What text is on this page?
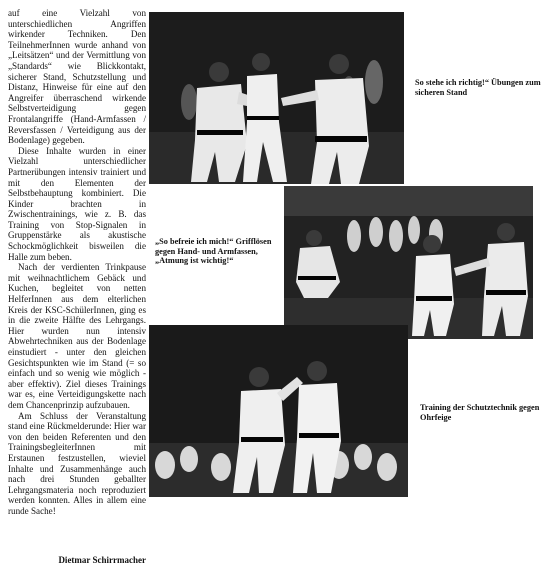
auf eine Vielzahl von unterschiedlichen Angriffen wirkender Techniken. Den TeilnehmerInnen wurde anhand von „Leitsätzen“ und der Vermittlung von „Standards“ wie Blickkontakt, sicherer Stand, Schutzstellung und Distanz, Hinweise für eine auf den Angreifer überraschend wirkende Selbstverteidigung gegen Frontalangriffe (Hand-Armfassen / Reversfassen / Verteidigung aus der Bodenlage) gegeben.

Diese Inhalte wurden in einer Vielzahl unterschiedlicher Partnerübungen intensiv trainiert und mit den Elementen der Selbstbehauptung kombiniert. Die Kinder brachten in Zwischentrainings, wie z. B. das Training von Stop-Signalen in Gruppenstärke als akustische Schockmöglichkeit bisweilen die Halle zum beben.

Nach der verdienten Trinkpause mit weihnachtlichem Gebäck und Kuchen, begleitet von netten HelferInnen aus dem elterlichen Kreis der KSC-SchülerInnen, ging es in die zweite Hälfte des Lehrgangs. Hier wurden nun intensiv Abwehrtechniken aus der Bodenlage einstudiert - unter den gleichen Gesichtspunkten wie im Stand (= so einfach und so wenig wie möglich - aber effektiv). Ziel dieses Trainings war es, eine Verteidigungskette nach dem Chancenprinzip aufzubauen.

Am Schluss der Veranstaltung stand eine Rückmelderunde: Hier war von den beiden Referenten und den TrainingsbegleiterInnen mit Erstaunen festzustellen, wieviel Inhalte und Zusammenhänge auch nach drei Stunden geballter Lehrgangsmateria noch reproduziert werden konnten. Alles in allem eine runde Sache!

Dietmar Schirrmacher
So stehe ich richtig!“ Übungen zum sicheren Stand
„So befreie ich mich!“ Grifflösen gegen Hand- und Armfassen, „Atmung ist wichtig!“
Training der Schutztechnik gegen Ohrfeige
